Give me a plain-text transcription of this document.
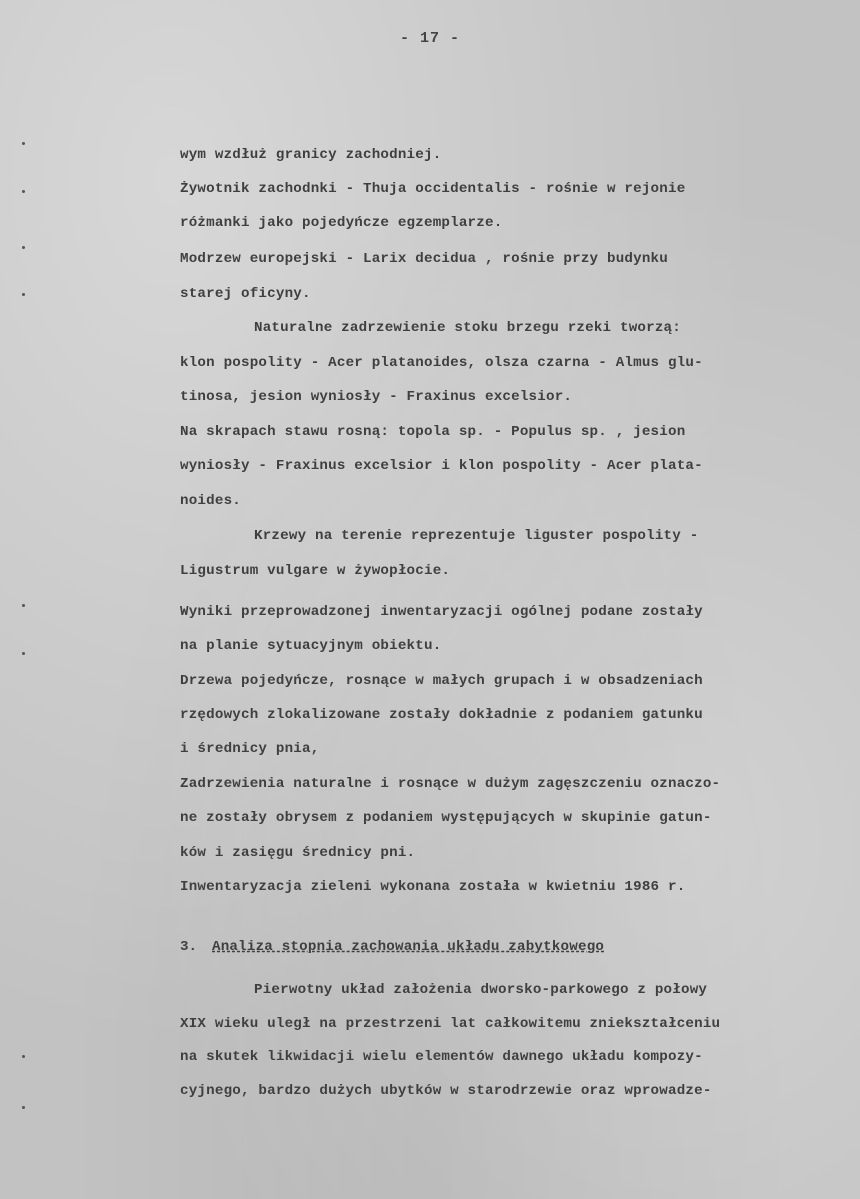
- 17 -
wym wzdłuż granicy zachodniej.
Żywotnik zachodnki - Thuja occidentalis - rośnie w rejonie
różmanki jako pojedyńcze egzemplarze.
Modrzew europejski - Larix decidua , rośnie przy budynku
starej oficyny.
Naturalne zadrzewienie stoku brzegu rzeki tworzą:
klon pospolity - Acer platanoides, olsza czarna - Almus glu-
tinosa, jesion wyniosły - Fraxinus excelsior.
Na skrapach stawu rosną: topola sp. - Populus sp. , jesion
wyniosły - Fraxinus excelsior i klon pospolity - Acer plata-
noides.
Krzewy na terenie reprezentuje liguster pospolity -
Ligustrum vulgare w żywopłocie.
Wyniki przeprowadzonej inwentaryzacji ogólnej podane zostały
na planie sytuacyjnym obiektu.
Drzewa pojedyńcze, rosnące w małych grupach i w obsadzeniach
rzędowych zlokalizowane zostały dokładnie z podaniem gatunku
i średnicy pnia,
Zadrzewienia naturalne i rosnące w dużym zagęszczeniu oznaczo-
ne zostały obrysem z podaniem występujących w skupinie gatun-
ków i zasięgu średnicy pni.
Inwentaryzacja zieleni wykonana została w kwietniu 1986 r.
3. Analiza stopnia zachowania układu zabytkowego
Pierwotny układ założenia dworsko-parkowego z połowy
XIX wieku uległ na przestrzeni lat całkowitemu zniekształceniu
na skutek likwidacji wielu elementów dawnego układu kompozy-
cyjnego, bardzo dużych ubytków w starodrzewie oraz wprowadze-
